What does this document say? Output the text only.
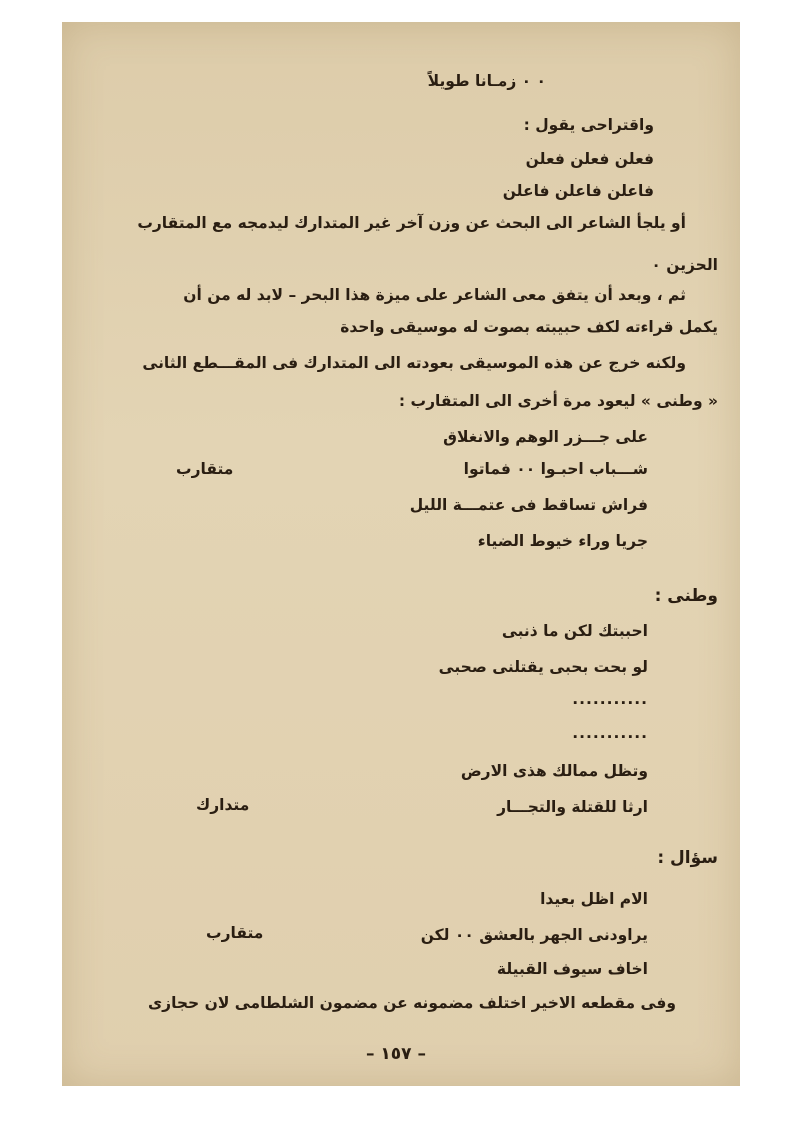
٠ ٠ زمـانا طويلاً
واقتراحى يقول :
فعلن فعلن فعلن
فاعلن فاعلن فاعلن
أو يلجأ الشاعر الى البحث عن وزن آخر غير المتدارك ليدمجه مع المتقارب
الحزين ٠
ثم ، وبعد أن يتفق معى الشاعر على ميزة هذا البحر – لابد له من أن
يكمل قراءته لكف حبيبته بصوت له موسيقى واحدة
ولكنه خرج عن هذه الموسيقى بعودته الى المتدارك فى المقـــطع الثانى
« وطنى » ليعود مرة أخرى الى المتقارب :
على جـــزر الوهم والانغلاق
شـــباب احبـوا ٠٠ فماتوا
فراش تساقط فى عتمـــة الليل
جريا وراء خيوط الضياء
وطنى :
احببتك لكن ما ذنبى
لو بحت بحبى يقتلنى صحبى
...........
...........
وتظل ممالك هذى الارض
ارثا للقتلة والتجـــار
سؤال :
الام اظل بعيدا
يراودنى الجهر بالعشق ٠٠ لكن
اخاف سيوف القبيلة
وفى مقطعه الاخير اختلف مضمونه عن مضمون الشلطامى لان حجازى
متقارب
متدارك
متقارب
– ١٥٧ –
